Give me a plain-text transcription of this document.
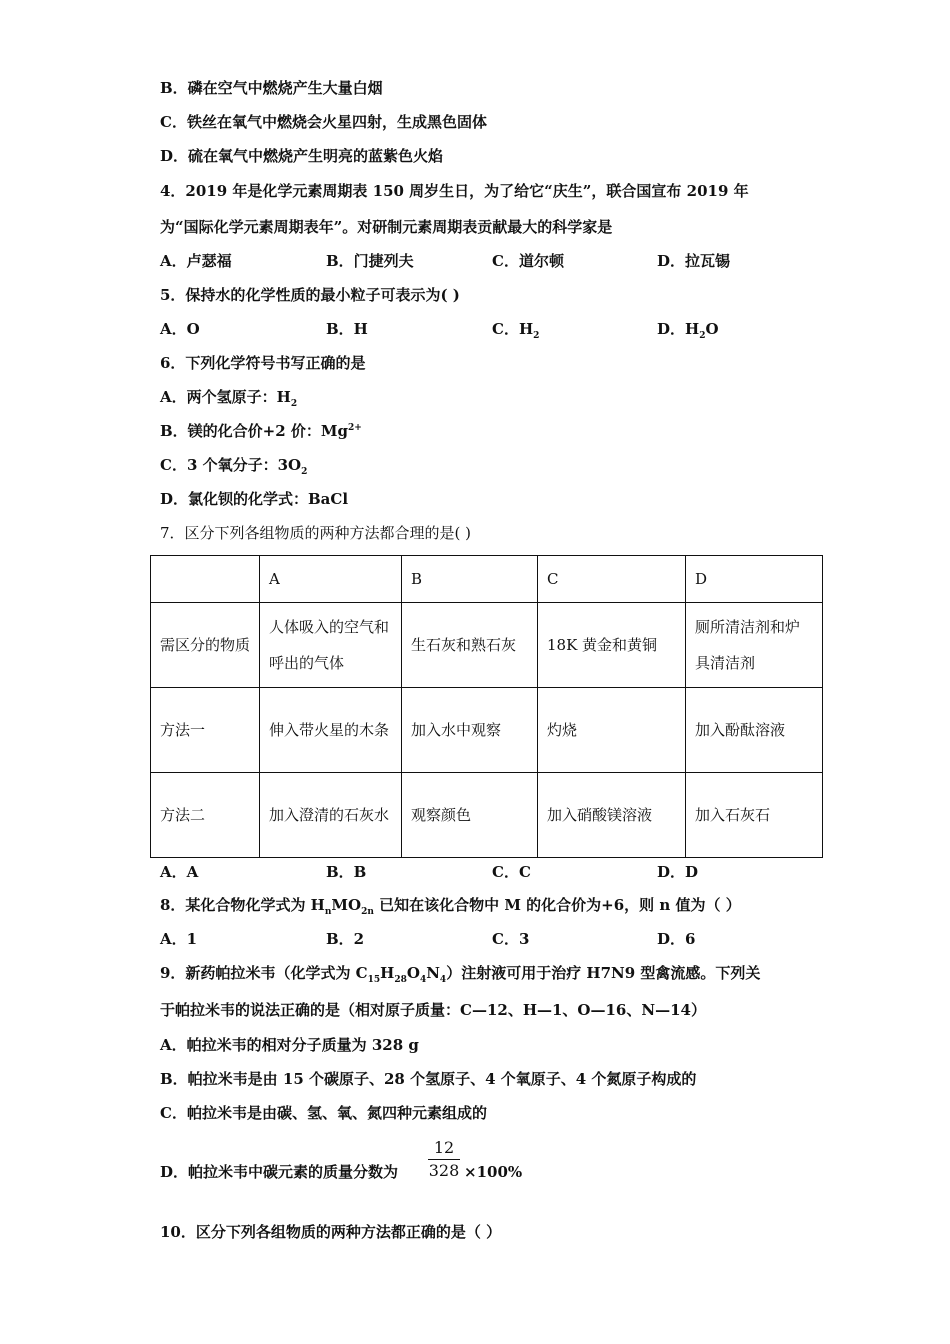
B．磷在空气中燃烧产生大量白烟
C．铁丝在氧气中燃烧会火星四射，生成黑色固体
D．硫在氧气中燃烧产生明亮的蓝紫色火焰
4．2019 年是化学元素周期表 150 周岁生日，为了给它“庆生”，联合国宣布 2019 年
为“国际化学元素周期表年”。对研制元素周期表贡献最大的科学家是
A．卢瑟福	B．门捷列夫	C．道尔顿	D．拉瓦锡
5．保持水的化学性质的最小粒子可表示为( )
A．O	B．H	C．$H_2$	D．$H_2O$
6．下列化学符号书写正确的是
A．两个氢原子：$H_2$
B．镁的化合价+2 价：$Mg^{2+}$
C．3 个氧分子：$3O_2$
D．氯化钡的化学式：BaCl
7．区分下列各组物质的两种方法都合理的是( )
	A	B	C	D
需区分的物质	人体吸入的空气和呼出的气体	生石灰和熟石灰	18K 黄金和黄铜	厕所清洁剂和炉具清洁剂
方法一	伸入带火星的木条	加入水中观察	灼烧	加入酚酞溶液
方法二	加入澄清的石灰水	观察颜色	加入硝酸镁溶液	加入石灰石
A．A	B．B	C．C	D．D
8．某化合物化学式为 $H_nMO_{2n}$ 已知在该化合物中 M 的化合价为+6，则 n 值为（ ）
A．1	B．2	C．3	D．6
9．新药帕拉米韦（化学式为 $C_{15}H_{28}O_4N_4$）注射液可用于治疗 H7N9 型禽流感。下列关
于帕拉米韦的说法正确的是（相对原子质量：C—12、H—1、O—16、N—14）
A．帕拉米韦的相对分子质量为 328 g
B．帕拉米韦是由 15 个碳原子、28 个氢原子、4 个氧原子、4 个氮原子构成的
C．帕拉米韦是由碳、氢、氧、氮四种元素组成的
D．帕拉米韦中碳元素的质量分数为
12
328 ×100%
10．区分下列各组物质的两种方法都正确的是（ ）
